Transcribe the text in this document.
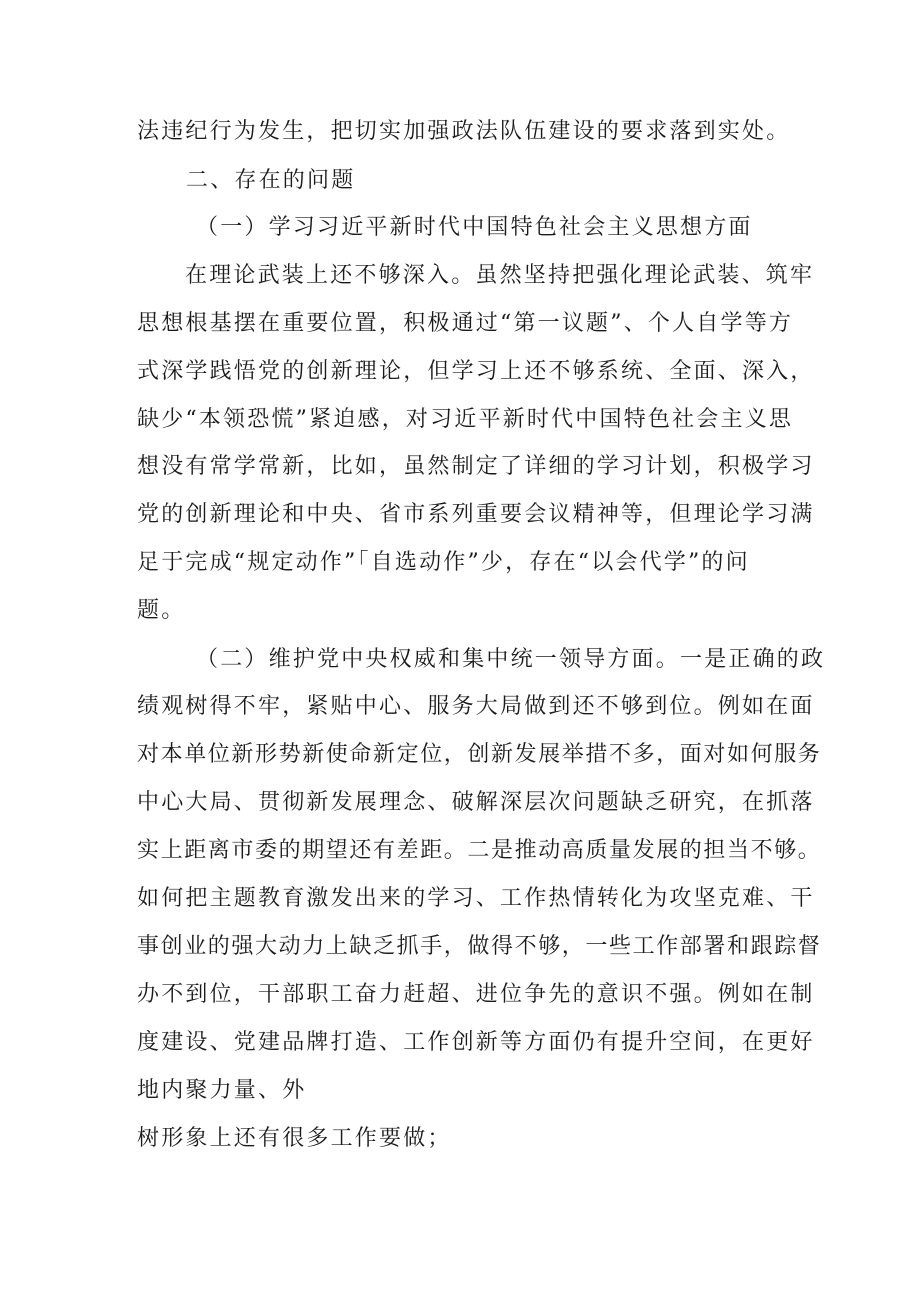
法违纪行为发生，把切实加强政法队伍建设的要求落到实处。
二、存在的问题
（一）学习习近平新时代中国特色社会主义思想方面
在理论武装上还不够深入。虽然坚持把强化理论武装、筑牢
思想根基摆在重要位置，积极通过“第一议题”、个人自学等方
式深学践悟党的创新理论，但学习上还不够系统、全面、深入，
缺少“本领恐慌”紧迫感，对习近平新时代中国特色社会主义思
想没有常学常新，比如，虽然制定了详细的学习计划，积极学习
党的创新理论和中央、省市系列重要会议精神等，但理论学习满
足于完成“规定动作”「自选动作”少，存在“以会代学”的问
题。
（二）维护党中央权威和集中统一领导方面。一是正确的政
绩观树得不牢，紧贴中心、服务大局做到还不够到位。例如在面
对本单位新形势新使命新定位，创新发展举措不多，面对如何服务
中心大局、贯彻新发展理念、破解深层次问题缺乏研究，在抓落
实上距离市委的期望还有差距。二是推动高质量发展的担当不够。
如何把主题教育激发出来的学习、工作热情转化为攻坚克难、干
事创业的强大动力上缺乏抓手，做得不够，一些工作部署和跟踪督
办不到位，干部职工奋力赶超、进位争先的意识不强。例如在制
度建设、党建品牌打造、工作创新等方面仍有提升空间，在更好
地内聚力量、外
树形象上还有很多工作要做；
